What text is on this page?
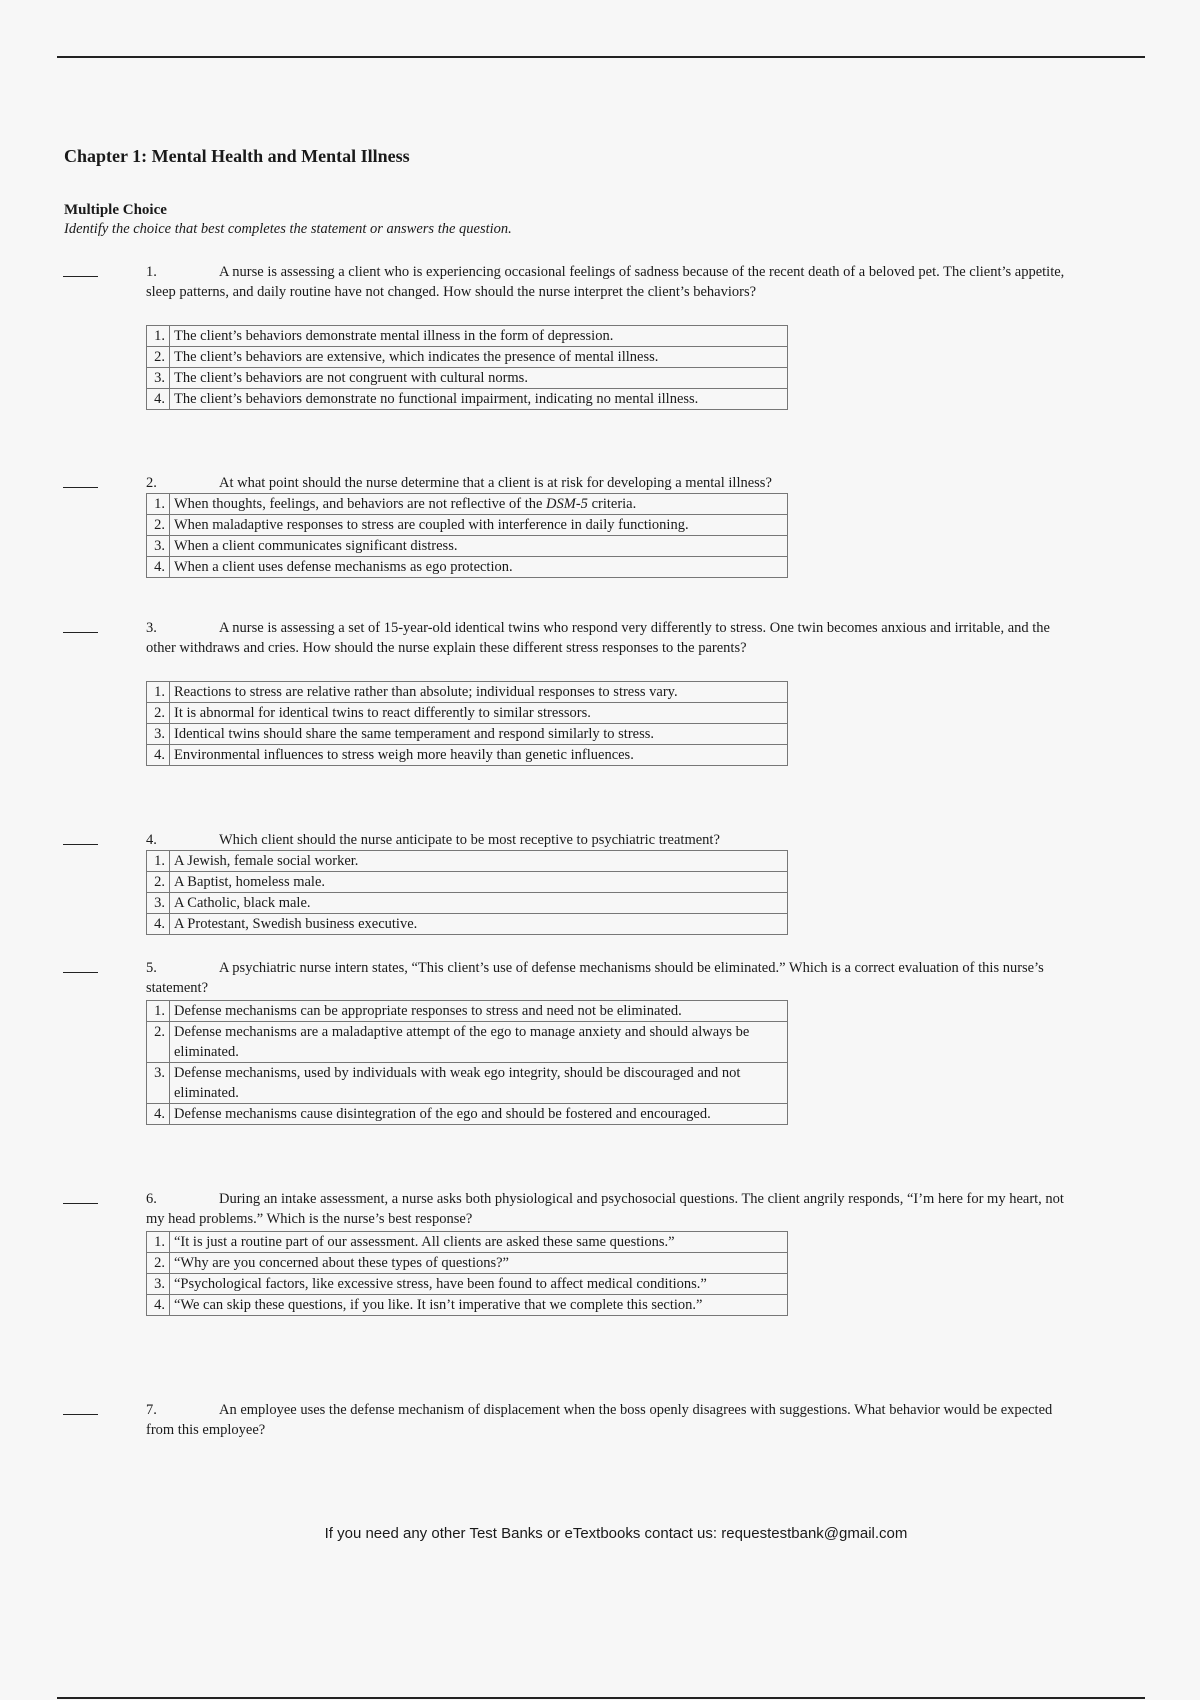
Chapter 1: Mental Health and Mental Illness
Multiple Choice
Identify the choice that best completes the statement or answers the question.
1.	A nurse is assessing a client who is experiencing occasional feelings of sadness because of the recent death of a beloved pet. The client’s appetite, sleep patterns, and daily routine have not changed. How should the nurse interpret the client’s behaviors?

1.	The client’s behaviors demonstrate mental illness in the form of depression.
2.	The client’s behaviors are extensive, which indicates the presence of mental illness.
3.	The client’s behaviors are not congruent with cultural norms.
4.	The client’s behaviors demonstrate no functional impairment, indicating no mental illness.
2.	At what point should the nurse determine that a client is at risk for developing a mental illness?

1.	When thoughts, feelings, and behaviors are not reflective of the DSM-5 criteria.
2.	When maladaptive responses to stress are coupled with interference in daily functioning.
3.	When a client communicates significant distress.
4.	When a client uses defense mechanisms as ego protection.
3.	A nurse is assessing a set of 15-year-old identical twins who respond very differently to stress. One twin becomes anxious and irritable, and the other withdraws and cries. How should the nurse explain these different stress responses to the parents?

1.	Reactions to stress are relative rather than absolute; individual responses to stress vary.
2.	It is abnormal for identical twins to react differently to similar stressors.
3.	Identical twins should share the same temperament and respond similarly to stress.
4.	Environmental influences to stress weigh more heavily than genetic influences.
4.	Which client should the nurse anticipate to be most receptive to psychiatric treatment?

1.	A Jewish, female social worker.
2.	A Baptist, homeless male.
3.	A Catholic, black male.
4.	A Protestant, Swedish business executive.
5.	A psychiatric nurse intern states, “This client’s use of defense mechanisms should be eliminated.” Which is a correct evaluation of this nurse’s statement?

1.	Defense mechanisms can be appropriate responses to stress and need not be eliminated.
2.	Defense mechanisms are a maladaptive attempt of the ego to manage anxiety and should always be eliminated.
3.	Defense mechanisms, used by individuals with weak ego integrity, should be discouraged and not eliminated.
4.	Defense mechanisms cause disintegration of the ego and should be fostered and encouraged.
6.	During an intake assessment, a nurse asks both physiological and psychosocial questions. The client angrily responds, “I’m here for my heart, not my head problems.” Which is the nurse’s best response?

1.	“It is just a routine part of our assessment. All clients are asked these same questions.”
2.	“Why are you concerned about these types of questions?”
3.	“Psychological factors, like excessive stress, have been found to affect medical conditions.”
4.	“We can skip these questions, if you like. It isn’t imperative that we complete this section.”
7.	An employee uses the defense mechanism of displacement when the boss openly disagrees with suggestions. What behavior would be expected from this employee?

If you need any other Test Banks or eTextbooks contact us: requestestbank@gmail.com
